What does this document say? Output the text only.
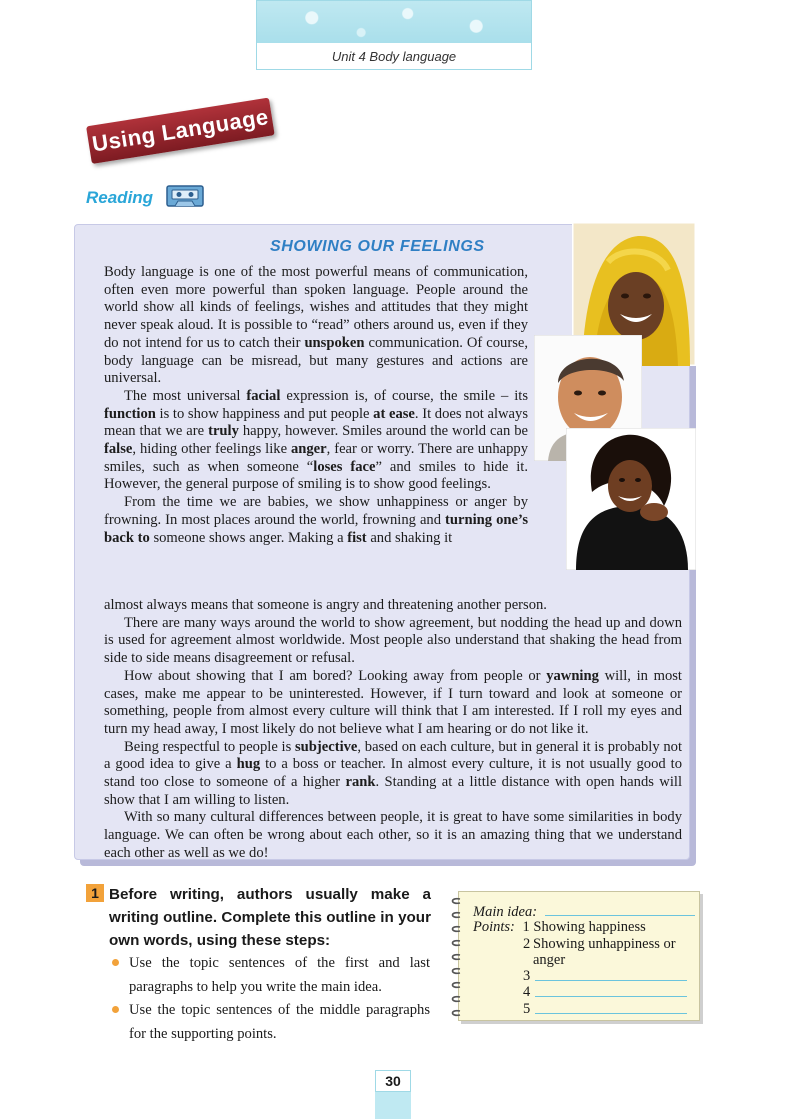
Unit 4 Body language
Using Language
Reading
SHOWING OUR FEELINGS

Body language is one of the most powerful means of communication, often even more powerful than spoken language. People around the world show all kinds of feelings, wishes and attitudes that they might never speak aloud. It is possible to “read” others around us, even if they do not intend for us to catch their unspoken communication. Of course, body language can be misread, but many gestures and actions are universal.

The most universal facial expression is, of course, the smile – its function is to show happiness and put people at ease. It does not always mean that we are truly happy, however. Smiles around the world can be false, hiding other feelings like anger, fear or worry. There are unhappy smiles, such as when someone “loses face” and smiles to hide it. However, the general purpose of smiling is to show good feelings.

From the time we are babies, we show unhappiness or anger by frowning. In most places around the world, frowning and turning one’s back to someone shows anger. Making a fist and shaking it

almost always means that someone is angry and threatening another person.

There are many ways around the world to show agreement, but nodding the head up and down is used for agreement almost worldwide. Most people also understand that shaking the head from side to side means disagreement or refusal.

How about showing that I am bored? Looking away from people or yawning will, in most cases, make me appear to be uninterested. However, if I turn toward and look at someone or something, people from almost every culture will think that I am interested. If I roll my eyes and turn my head away, I most likely do not believe what I am hearing or do not like it.

Being respectful to people is subjective, based on each culture, but in general it is probably not a good idea to give a hug to a boss or teacher. In almost every culture, it is not usually good to stand too close to someone of a higher rank. Standing at a little distance with open hands will show that I am willing to listen.

With so many cultural differences between people, it is great to have some similarities in body language. We can often be wrong about each other, so it is an amazing thing that we understand each other as well as we do!

1 Before writing, authors usually make a writing outline. Complete this outline in your own words, using these steps:
Use the topic sentences of the first and last paragraphs to help you write the main idea.
Use the topic sentences of the middle paragraphs for the supporting points.
Main idea:
Points: 1 Showing happiness
2 Showing unhappiness or
anger
3
4
5
30
